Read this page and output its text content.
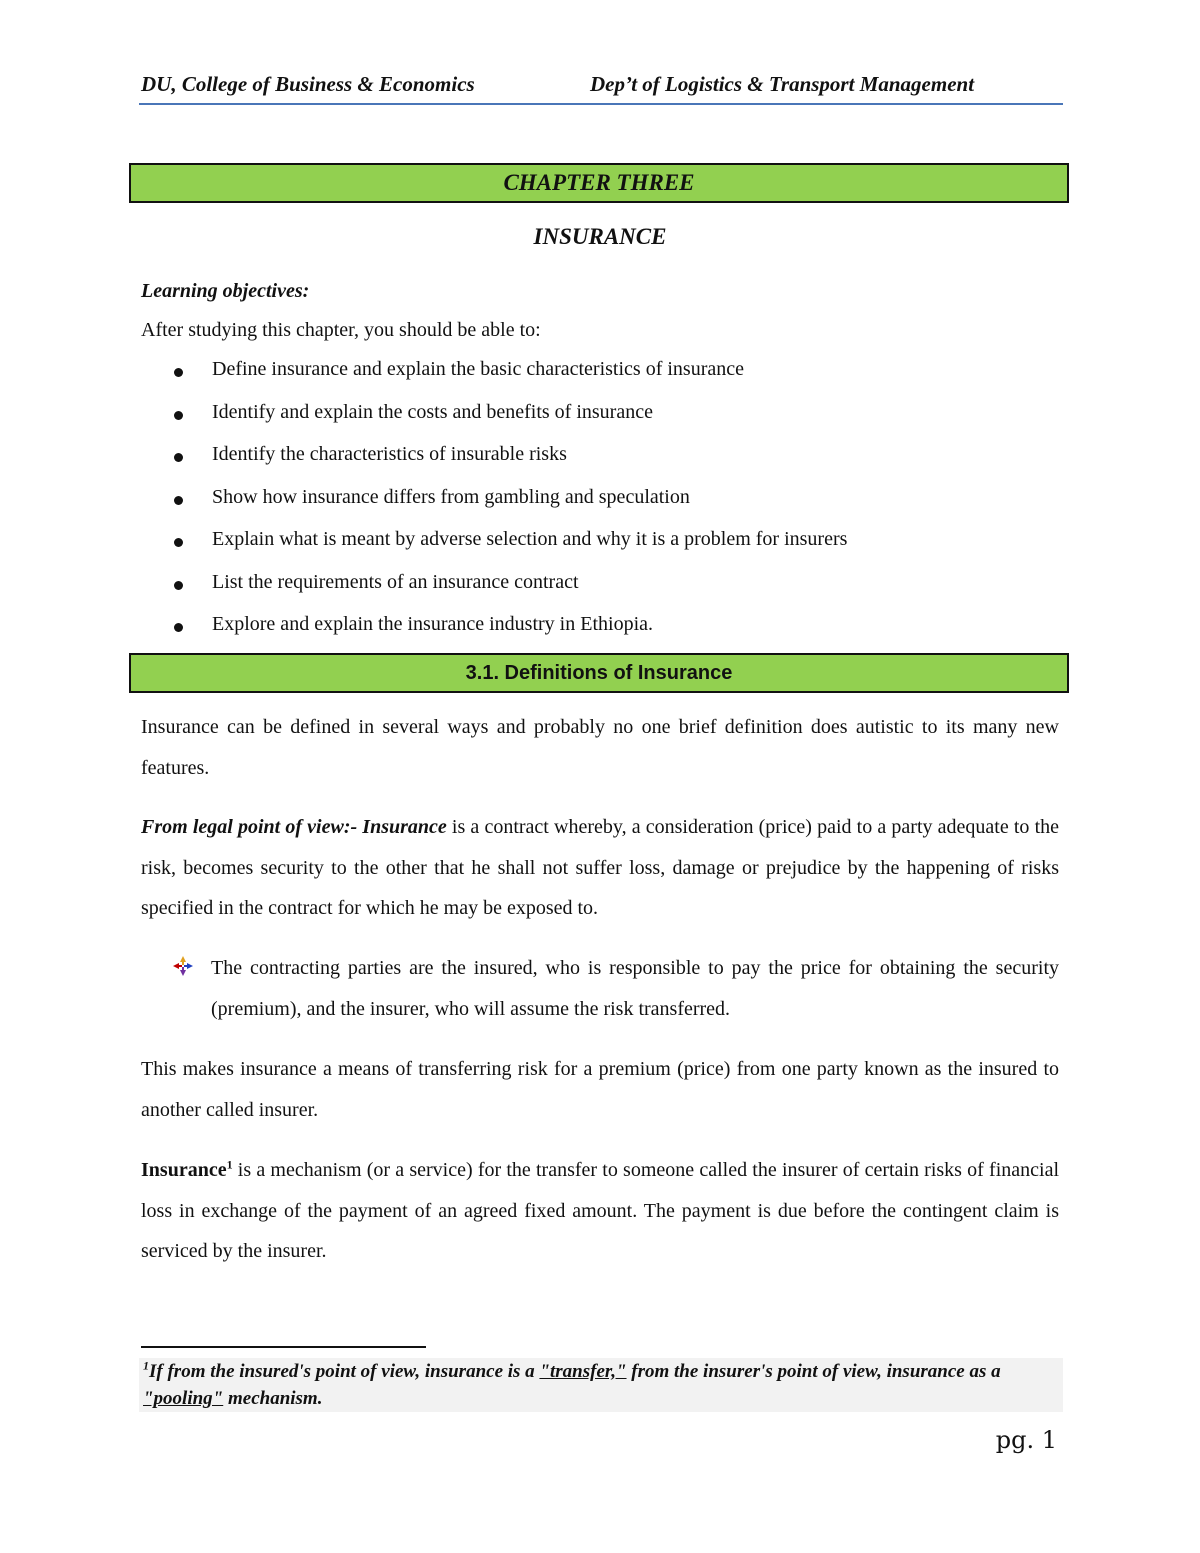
DU, College of Business & Economics	Dep’t of Logistics & Transport Management
CHAPTER THREE
INSURANCE
Learning objectives:
After studying this chapter, you should be able to:
Define insurance and explain the basic characteristics of insurance
Identify and explain the costs and benefits of insurance
Identify the characteristics of insurable risks
Show how insurance differs from gambling and speculation
Explain what is meant by adverse selection and why it is a problem for insurers
List the requirements of an insurance contract
Explore and explain the insurance industry in Ethiopia.
3.1. Definitions of Insurance
Insurance can be defined in several ways and probably no one brief definition does autistic to its many new features.
From legal point of view:- Insurance is a contract whereby, a consideration (price) paid to a party adequate to the risk, becomes security to the other that he shall not suffer loss, damage or prejudice by the happening of risks specified in the contract for which he may be exposed to.
The contracting parties are the insured, who is responsible to pay the price for obtaining the security (premium), and the insurer, who will assume the risk transferred.
This makes insurance a means of transferring risk for a premium (price) from one party known as the insured to another called insurer.
Insurance$^1$ is a mechanism (or a service) for the transfer to someone called the insurer of certain risks of financial loss in exchange of the payment of an agreed fixed amount. The payment is due before the contingent claim is serviced by the insurer.
$^1$If from the insured's point of view, insurance is a "transfer," from the insurer's point of view, insurance as a "pooling" mechanism.
pg. 1
